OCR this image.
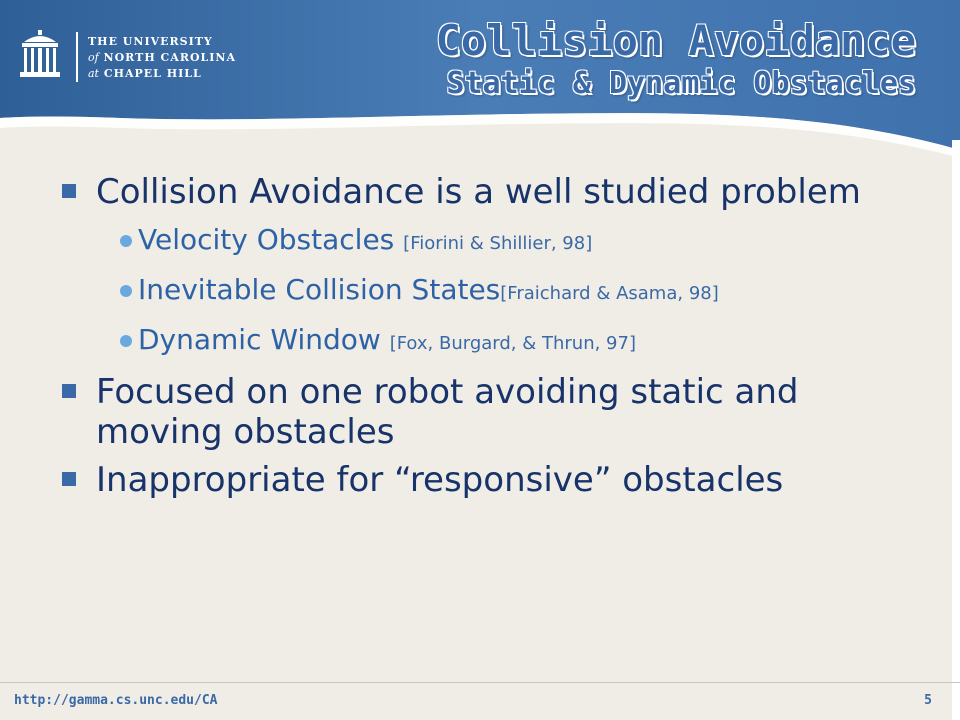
THE UNIVERSITY
of NORTH CAROLINA
at CHAPEL HILL

Collision Avoidance

Static & Dynamic Obstacles

Collision Avoidance is a well studied problem
Velocity Obstacles [Fiorini & Shillier, 98]
Inevitable Collision States[Fraichard & Asama, 98]
Dynamic Window [Fox, Burgard, & Thrun, 97]
Focused on one robot avoiding static and moving obstacles
Inappropriate for “responsive” obstacles
http://gamma.cs.unc.edu/CA	5
